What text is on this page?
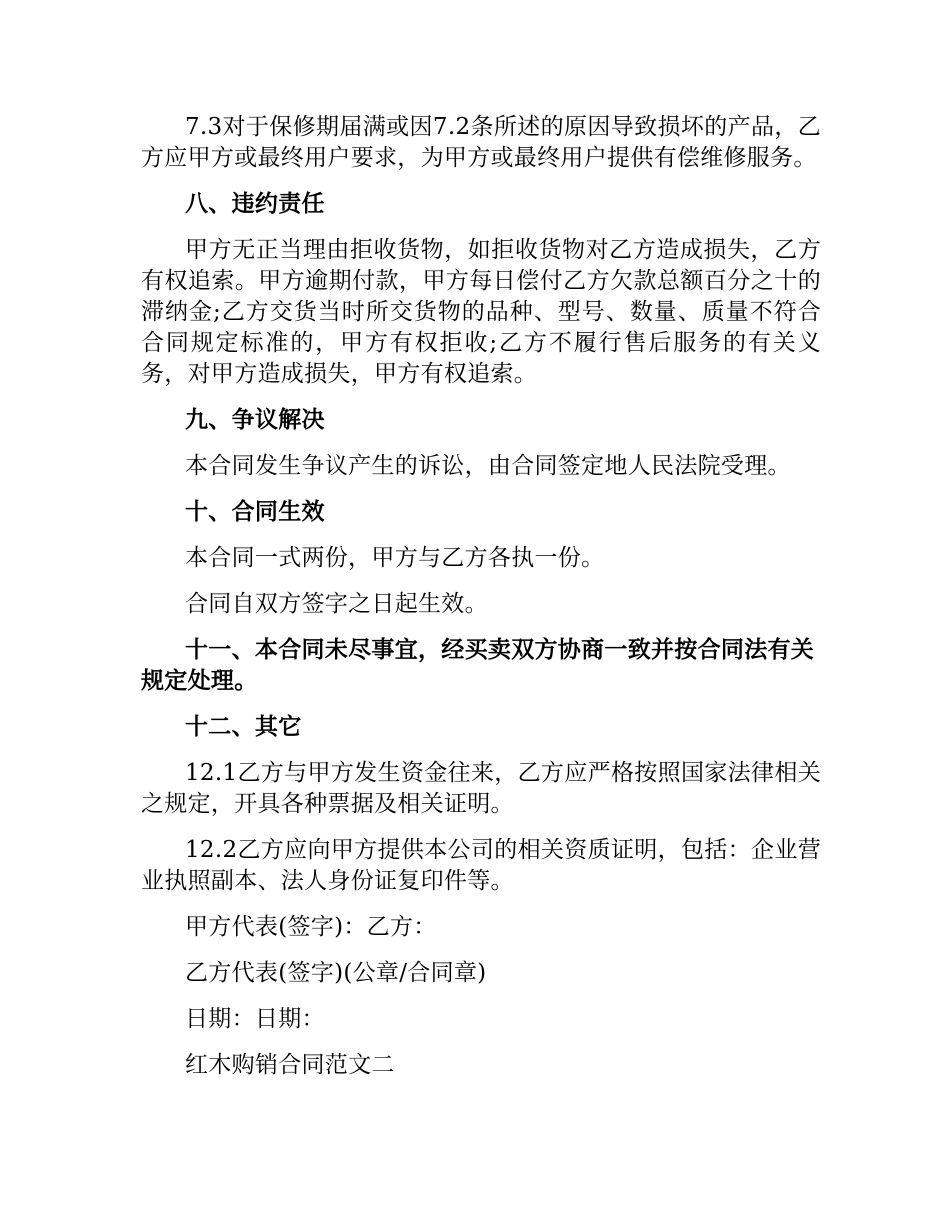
7.3对于保修期届满或因7.2条所述的原因导致损坏的产品，乙方应甲方或最终用户要求，为甲方或最终用户提供有偿维修服务。

八、违约责任

甲方无正当理由拒收货物，如拒收货物对乙方造成损失，乙方有权追索。甲方逾期付款，甲方每日偿付乙方欠款总额百分之十的滞纳金;乙方交货当时所交货物的品种、型号、数量、质量不符合合同规定标准的，甲方有权拒收;乙方不履行售后服务的有关义务，对甲方造成损失，甲方有权追索。

九、争议解决

本合同发生争议产生的诉讼，由合同签定地人民法院受理。

十、合同生效

本合同一式两份，甲方与乙方各执一份。

合同自双方签字之日起生效。

十一、本合同未尽事宜，经买卖双方协商一致并按合同法有关规定处理。

十二、其它

12.1乙方与甲方发生资金往来，乙方应严格按照国家法律相关之规定，开具各种票据及相关证明。

12.2乙方应向甲方提供本公司的相关资质证明，包括：企业营业执照副本、法人身份证复印件等。

甲方代表(签字)：乙方：

乙方代表(签字)(公章/合同章)

日期：日期：

红木购销合同范文二
